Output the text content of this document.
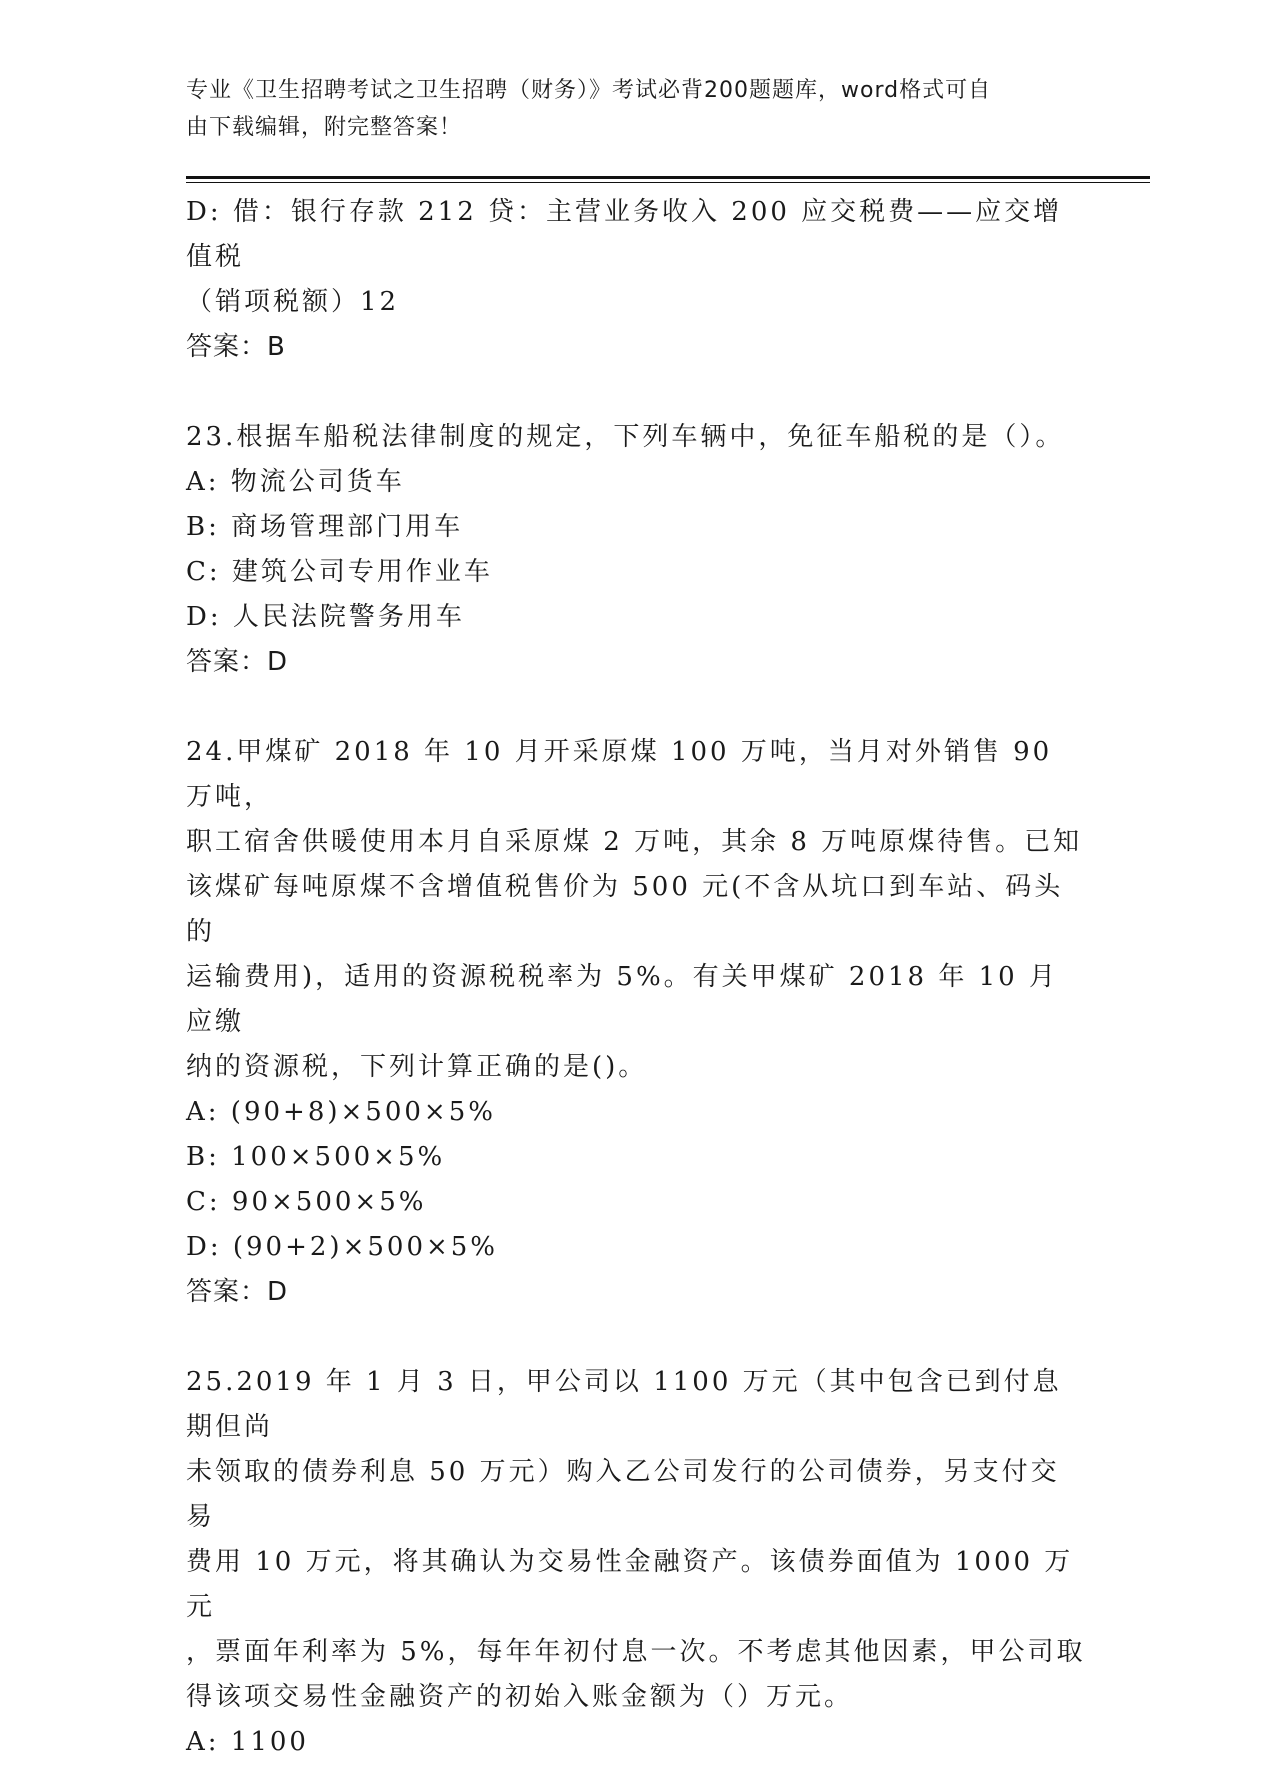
专业《卫生招聘考试之卫生招聘（财务）》考试必背200题题库，word格式可自
由下载编辑，附完整答案！
D: 借：银行存款 212 贷：主营业务收入 200 应交税费——应交增值税
（销项税额）12
答案：B
23.根据车船税法律制度的规定，下列车辆中，免征车船税的是（）。
A: 物流公司货车
B: 商场管理部门用车
C: 建筑公司专用作业车
D: 人民法院警务用车
答案：D
24.甲煤矿 2018 年 10 月开采原煤 100 万吨，当月对外销售 90 万吨，
职工宿舍供暖使用本月自采原煤 2 万吨，其余 8 万吨原煤待售。已知
该煤矿每吨原煤不含增值税售价为 500 元(不含从坑口到车站、码头的
运输费用)，适用的资源税税率为 5%。有关甲煤矿 2018 年 10 月应缴
纳的资源税，下列计算正确的是()。
A: (90+8)×500×5%
B: 100×500×5%
C: 90×500×5%
D: (90+2)×500×5%
答案：D
25.2019 年 1 月 3 日，甲公司以 1100 万元（其中包含已到付息期但尚
未领取的债券利息 50 万元）购入乙公司发行的公司债券，另支付交易
费用 10 万元，将其确认为交易性金融资产。该债券面值为 1000 万元
，票面年利率为 5%，每年年初付息一次。不考虑其他因素，甲公司取
得该项交易性金融资产的初始入账金额为（）万元。
A: 1100
